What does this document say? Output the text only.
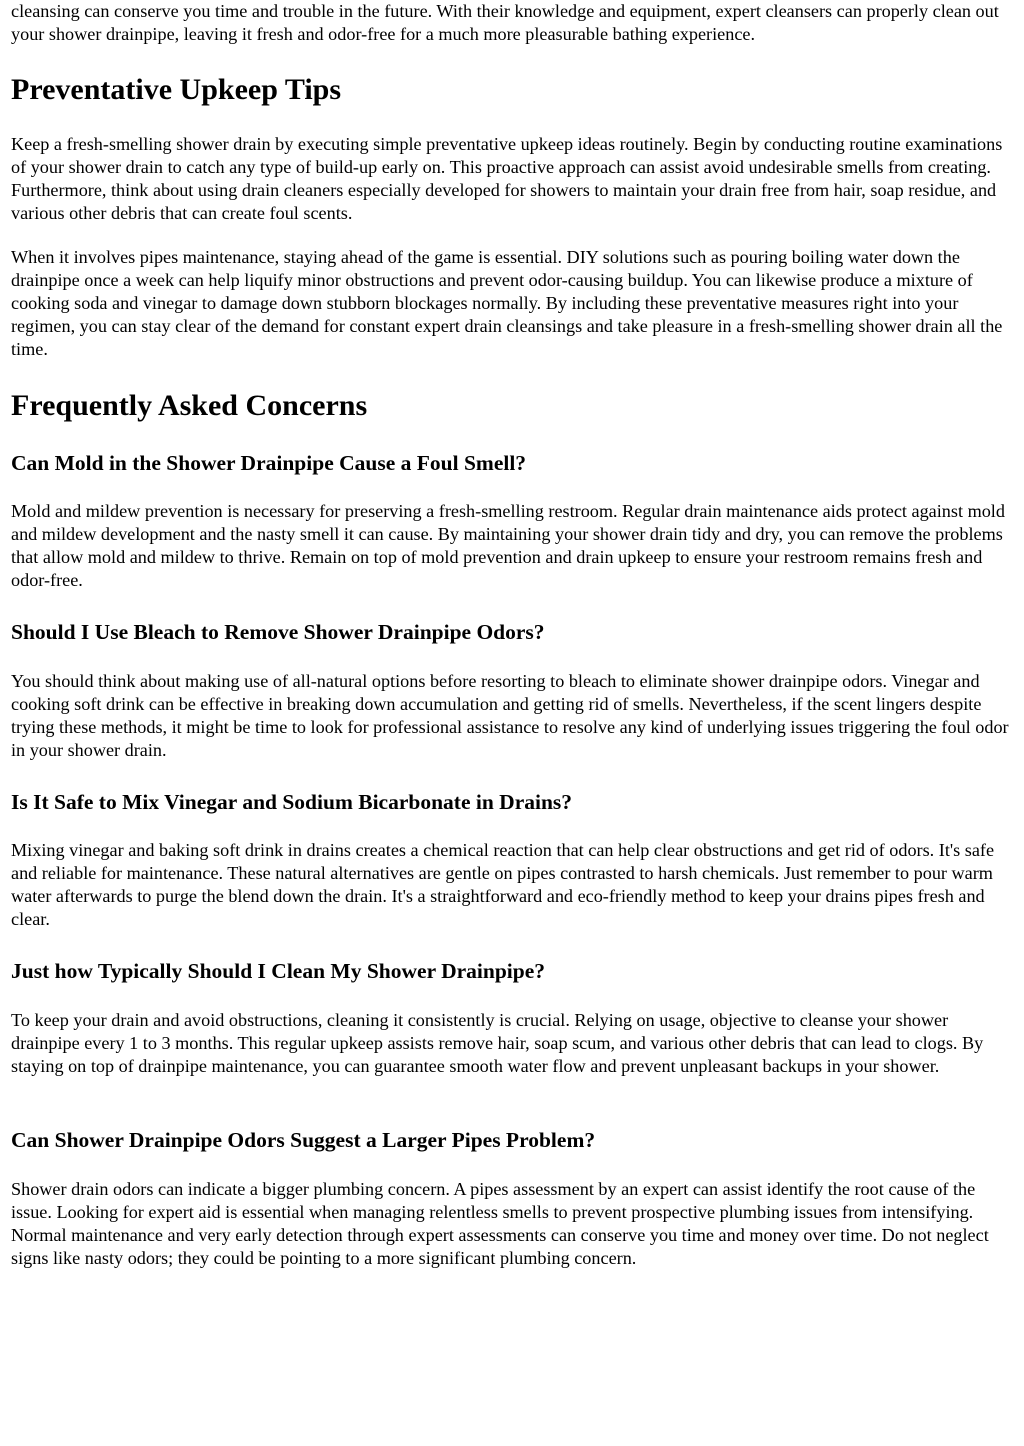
cleansing can conserve you time and trouble in the future. With their knowledge and equipment, expert cleansers can properly clean out your shower drainpipe, leaving it fresh and odor-free for a much more pleasurable bathing experience.

Preventative Upkeep Tips

Keep a fresh-smelling shower drain by executing simple preventative upkeep ideas routinely. Begin by conducting routine examinations of your shower drain to catch any type of build-up early on. This proactive approach can assist avoid undesirable smells from creating. Furthermore, think about using drain cleaners especially developed for showers to maintain your drain free from hair, soap residue, and various other debris that can create foul scents.

When it involves pipes maintenance, staying ahead of the game is essential. DIY solutions such as pouring boiling water down the drainpipe once a week can help liquify minor obstructions and prevent odor-causing buildup. You can likewise produce a mixture of cooking soda and vinegar to damage down stubborn blockages normally. By including these preventative measures right into your regimen, you can stay clear of the demand for constant expert drain cleansings and take pleasure in a fresh-smelling shower drain all the time.

Frequently Asked Concerns
Can Mold in the Shower Drainpipe Cause a Foul Smell?

Mold and mildew prevention is necessary for preserving a fresh-smelling restroom. Regular drain maintenance aids protect against mold and mildew development and the nasty smell it can cause. By maintaining your shower drain tidy and dry, you can remove the problems that allow mold and mildew to thrive. Remain on top of mold prevention and drain upkeep to ensure your restroom remains fresh and odor-free.

Should I Use Bleach to Remove Shower Drainpipe Odors?

You should think about making use of all-natural options before resorting to bleach to eliminate shower drainpipe odors. Vinegar and cooking soft drink can be effective in breaking down accumulation and getting rid of smells. Nevertheless, if the scent lingers despite trying these methods, it might be time to look for professional assistance to resolve any kind of underlying issues triggering the foul odor in your shower drain.

Is It Safe to Mix Vinegar and Sodium Bicarbonate in Drains?

Mixing vinegar and baking soft drink in drains creates a chemical reaction that can help clear obstructions and get rid of odors. It's safe and reliable for maintenance. These natural alternatives are gentle on pipes contrasted to harsh chemicals. Just remember to pour warm water afterwards to purge the blend down the drain. It's a straightforward and eco-friendly method to keep your drains pipes fresh and clear.

Just how Typically Should I Clean My Shower Drainpipe?

To keep your drain and avoid obstructions, cleaning it consistently is crucial. Relying on usage, objective to cleanse your shower drainpipe every 1 to 3 months. This regular upkeep assists remove hair, soap scum, and various other debris that can lead to clogs. By staying on top of drainpipe maintenance, you can guarantee smooth water flow and prevent unpleasant backups in your shower.

Can Shower Drainpipe Odors Suggest a Larger Pipes Problem?

Shower drain odors can indicate a bigger plumbing concern. A pipes assessment by an expert can assist identify the root cause of the issue. Looking for expert aid is essential when managing relentless smells to prevent prospective plumbing issues from intensifying. Normal maintenance and very early detection through expert assessments can conserve you time and money over time. Do not neglect signs like nasty odors; they could be pointing to a more significant plumbing concern.
